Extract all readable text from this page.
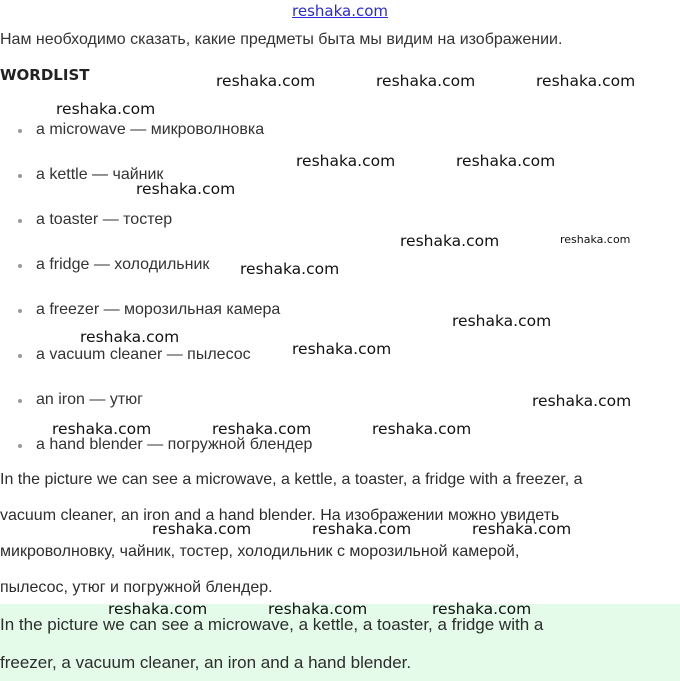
reshaka.com
Нам необходимо сказать, какие предметы быта мы видим на изображении.
WORDLIST
a microwave — микроволновка
a kettle — чайник
a toaster — тостер
a fridge — холодильник
a freezer — морозильная камера
a vacuum cleaner — пылесос
an iron — утюг
a hand blender — погружной блендер
In the picture we can see a microwave, a kettle, a toaster, a fridge with a freezer, a
vacuum cleaner, an iron and a hand blender. На изображении можно увидеть
микроволновку, чайник, тостер, холодильник с морозильной камерой,
пылесос, утюг и погружной блендер.
In the picture we can see a microwave, a kettle, a toaster, a fridge with a
freezer, a vacuum cleaner, an iron and a hand blender.
reshaka.com	reshaka.com	reshaka.com
reshaka.com
reshaka.com	reshaka.com
reshaka.com
reshaka.com	reshaka.com
reshaka.com
reshaka.com
reshaka.com
reshaka.com
reshaka.com
reshaka.com	reshaka.com	reshaka.com
reshaka.com	reshaka.com	reshaka.com
reshaka.com	reshaka.com	reshaka.com
